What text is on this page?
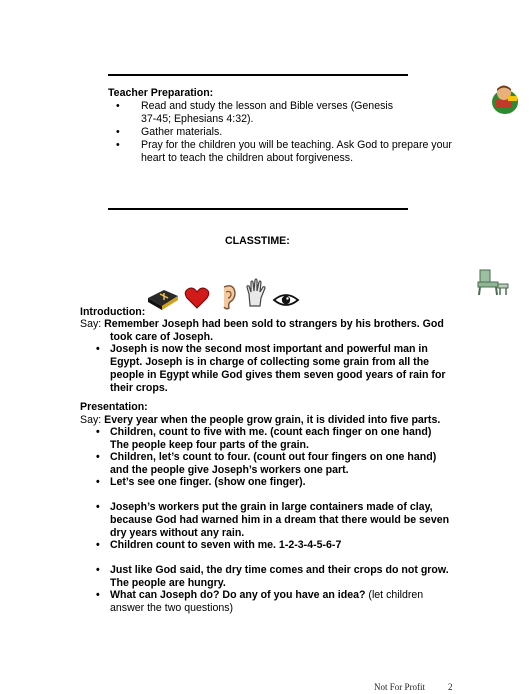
Teacher Preparation:
• Read and study the lesson and Bible verses (Genesis
37-45; Ephesians 4:32).
• Gather materials.
• Pray for the children you will be teaching. Ask God to prepare your
heart to teach the children about forgiveness.
CLASSTIME:
Introduction:
Say: Remember Joseph had been sold to strangers by his brothers. God
took care of Joseph.
• Joseph is now the second most important and powerful man in
Egypt. Joseph is in charge of collecting some grain from all the
people in Egypt while God gives them seven good years of rain for
their crops.
Presentation:
Say: Every year when the people grow grain, it is divided into five parts.
• Children, count to five with me. (count each finger on one hand)
The people keep four parts of the grain.
• Children, let’s count to four. (count out four fingers on one hand)
and the people give Joseph’s workers one part.
• Let’s see one finger. (show one finger).
• Joseph’s workers put the grain in large containers made of clay,
because God had warned him in a dream that there would be seven
dry years without any rain.
• Children count to seven with me. 1-2-3-4-5-6-7
• Just like God said, the dry time comes and their crops do not grow.
The people are hungry.
• What can Joseph do? Do any of you have an idea? (let children
answer the two questions)
Not For Profit	2
